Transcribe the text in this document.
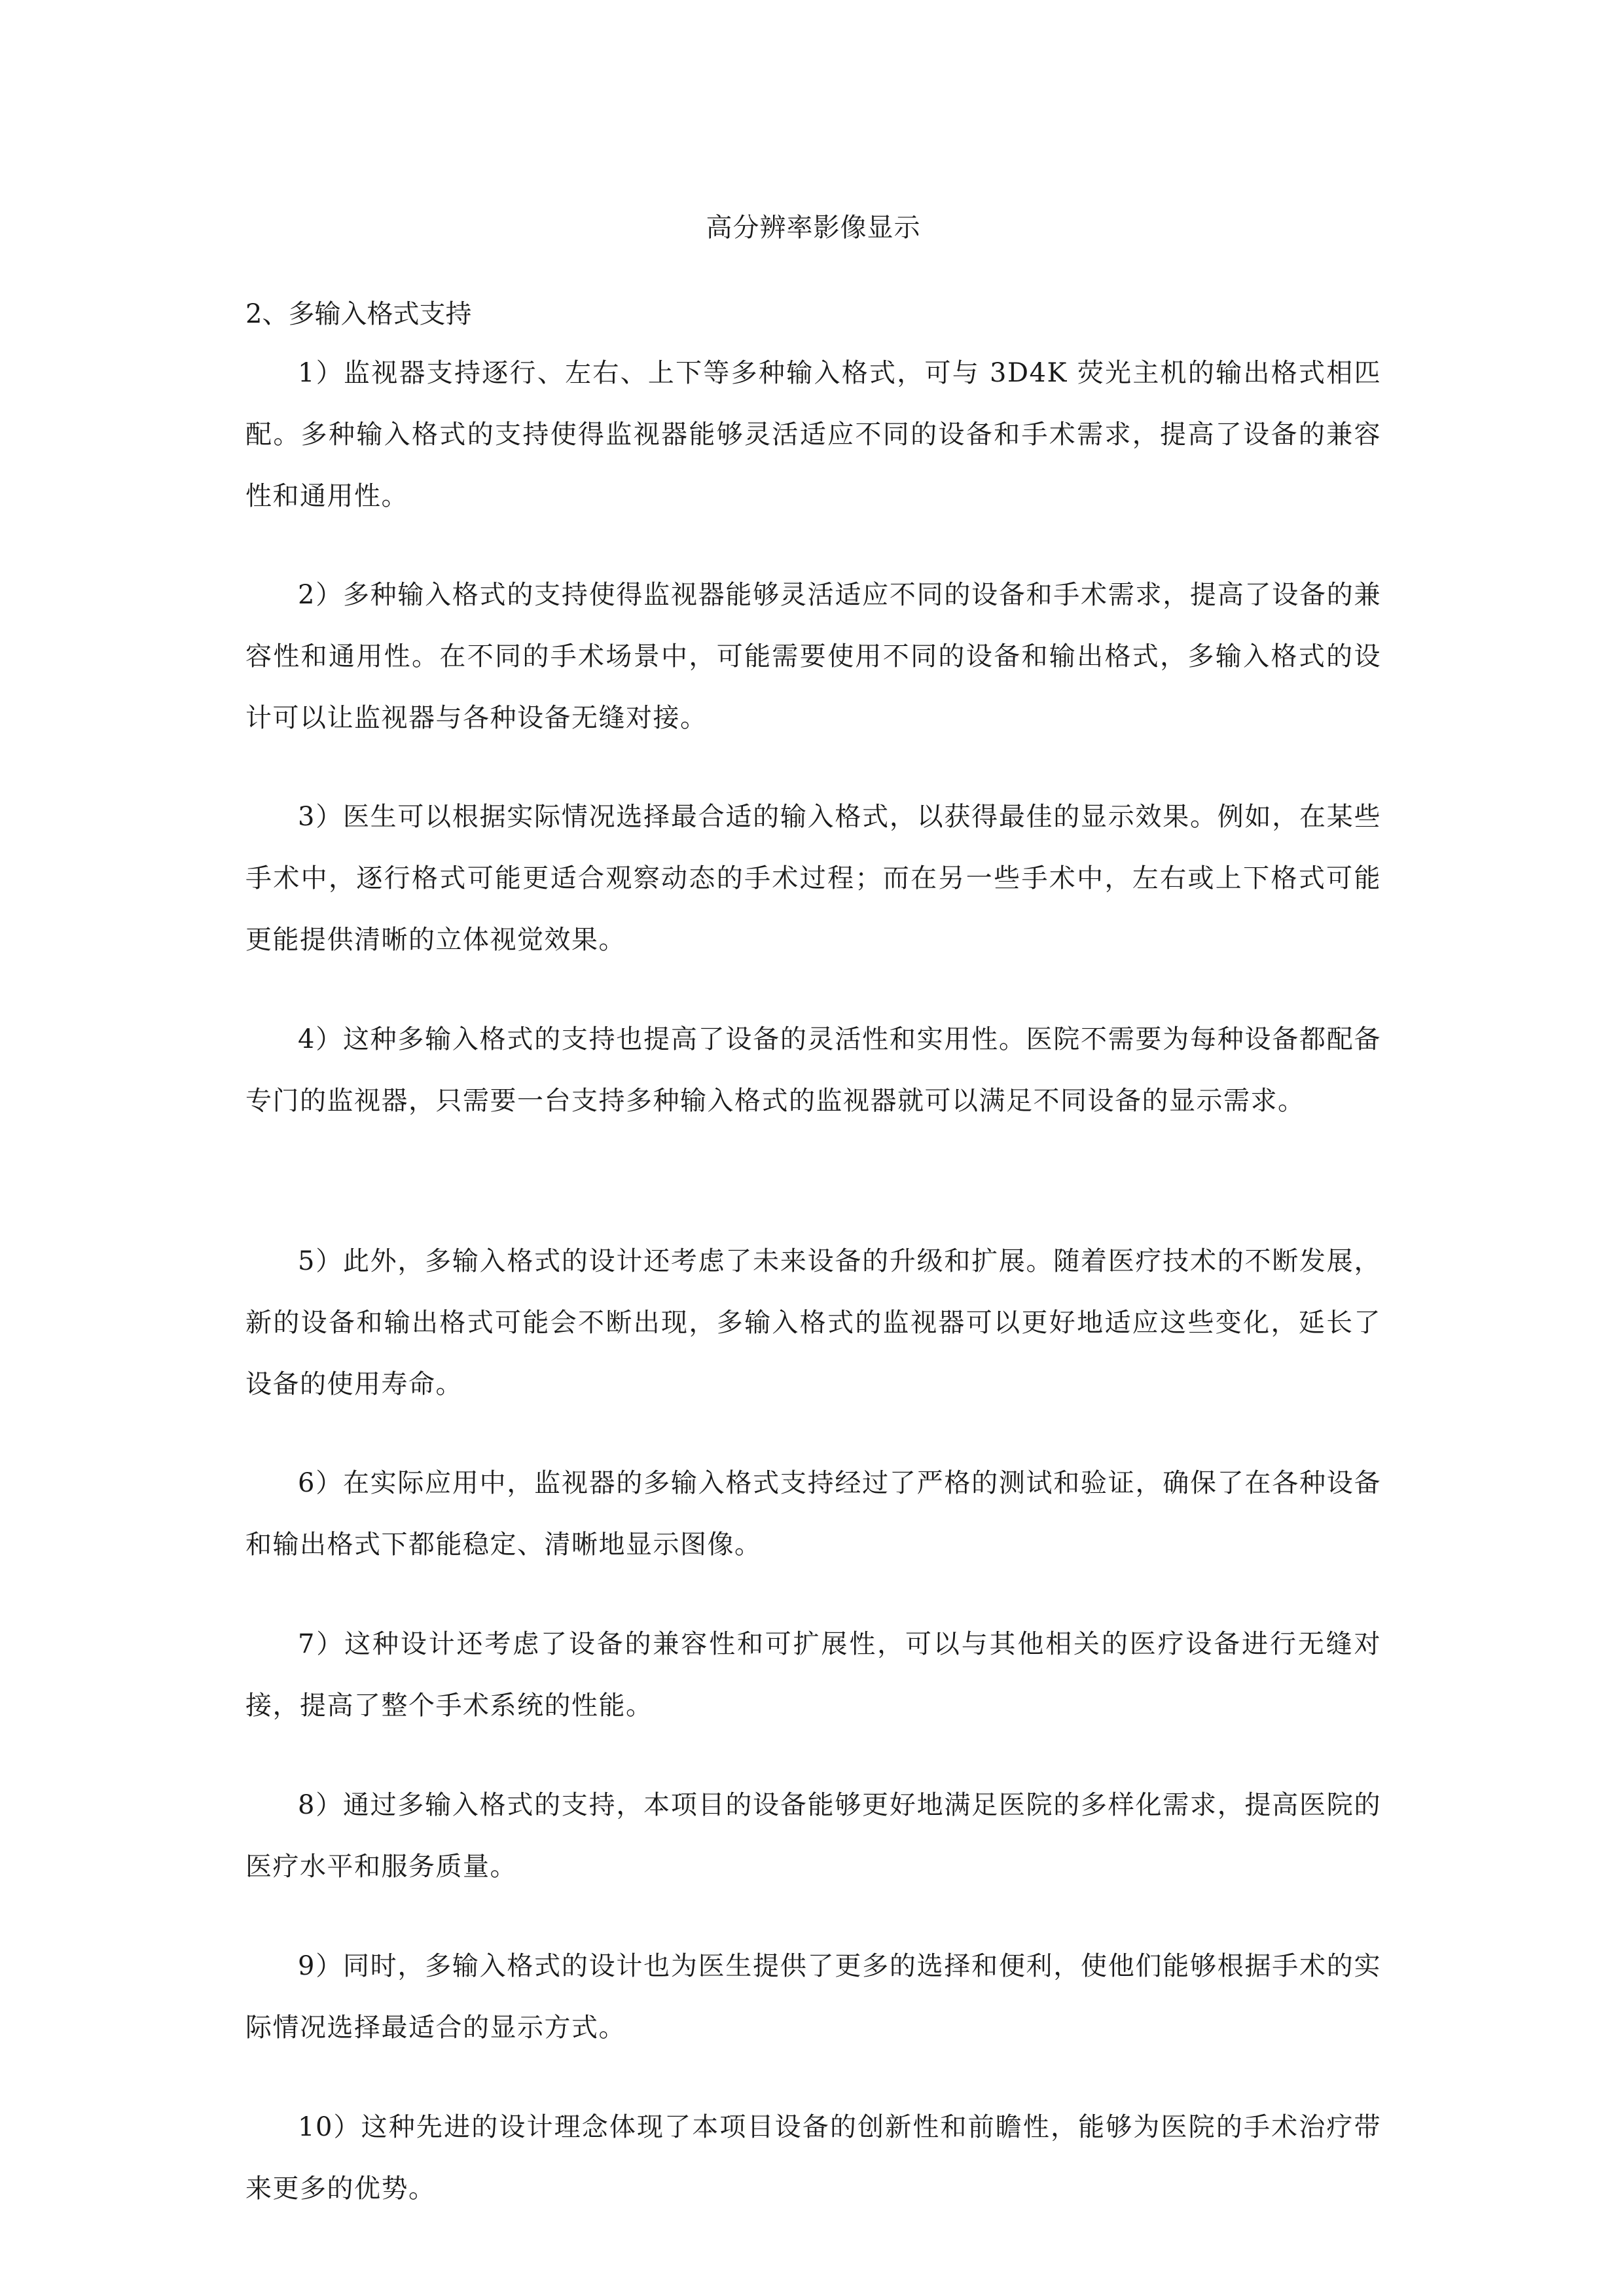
高分辨率影像显示
2、多输入格式支持

1）监视器支持逐行、左右、上下等多种输入格式，可与 3D4K 荧光主机的输出格式相匹配。多种输入格式的支持使得监视器能够灵活适应不同的设备和手术需求，提高了设备的兼容性和通用性。

2）多种输入格式的支持使得监视器能够灵活适应不同的设备和手术需求，提高了设备的兼容性和通用性。在不同的手术场景中，可能需要使用不同的设备和输出格式，多输入格式的设计可以让监视器与各种设备无缝对接。

3）医生可以根据实际情况选择最合适的输入格式，以获得最佳的显示效果。例如，在某些手术中，逐行格式可能更适合观察动态的手术过程；而在另一些手术中，左右或上下格式可能更能提供清晰的立体视觉效果。

4）这种多输入格式的支持也提高了设备的灵活性和实用性。医院不需要为每种设备都配备专门的监视器，只需要一台支持多种输入格式的监视器就可以满足不同设备的显示需求。

5）此外，多输入格式的设计还考虑了未来设备的升级和扩展。随着医疗技术的不断发展，新的设备和输出格式可能会不断出现，多输入格式的监视器可以更好地适应这些变化，延长了设备的使用寿命。

6）在实际应用中，监视器的多输入格式支持经过了严格的测试和验证，确保了在各种设备和输出格式下都能稳定、清晰地显示图像。

7）这种设计还考虑了设备的兼容性和可扩展性，可以与其他相关的医疗设备进行无缝对接，提高了整个手术系统的性能。

8）通过多输入格式的支持，本项目的设备能够更好地满足医院的多样化需求，提高医院的医疗水平和服务质量。

9）同时，多输入格式的设计也为医生提供了更多的选择和便利，使他们能够根据手术的实际情况选择最适合的显示方式。

10）这种先进的设计理念体现了本项目设备的创新性和前瞻性，能够为医院的手术治疗带来更多的优势。
